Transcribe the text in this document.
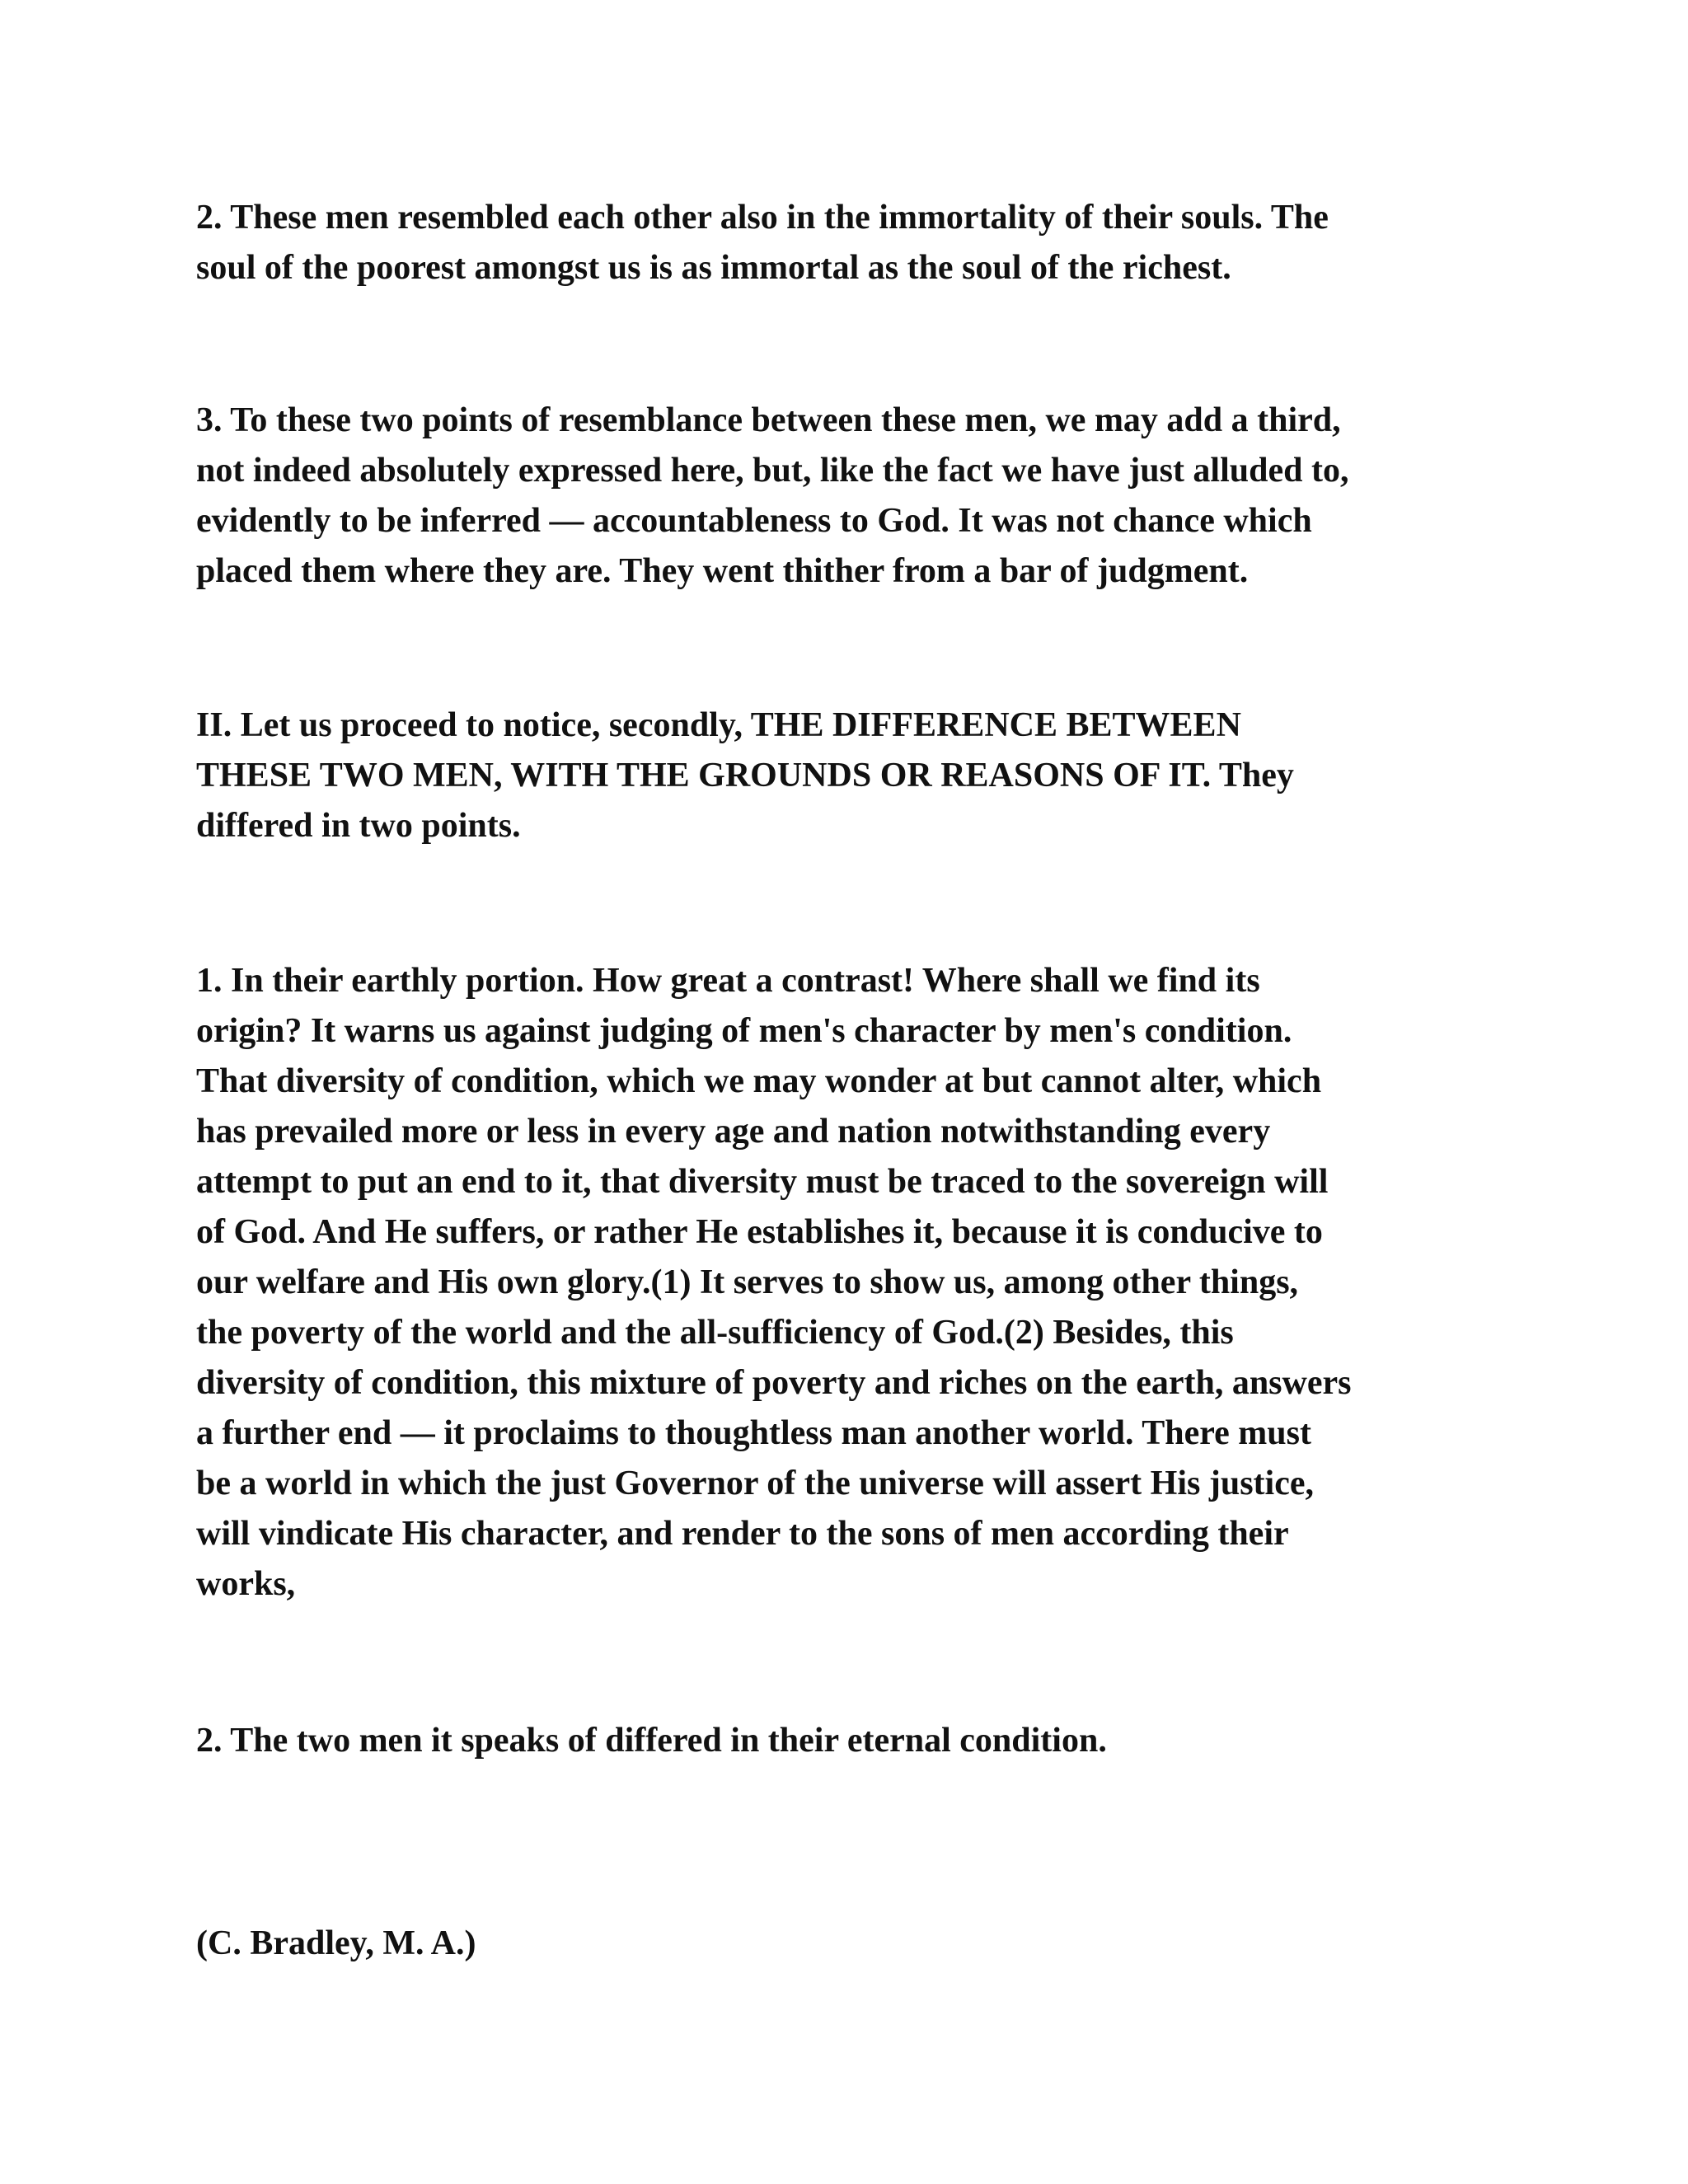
2. These men resembled each other also in the immortality of their souls. The
soul of the poorest amongst us is as immortal as the soul of the richest.

3. To these two points of resemblance between these men, we may add a third,
not indeed absolutely expressed here, but, like the fact we have just alluded to,
evidently to be inferred — accountableness to God. It was not chance which
placed them where they are. They went thither from a bar of judgment.

II. Let us proceed to notice, secondly, THE DIFFERENCE BETWEEN
THESE TWO MEN, WITH THE GROUNDS OR REASONS OF IT. They
differed in two points.

1. In their earthly portion. How great a contrast! Where shall we find its
origin? It warns us against judging of men's character by men's condition.
That diversity of condition, which we may wonder at but cannot alter, which
has prevailed more or less in every age and nation notwithstanding every
attempt to put an end to it, that diversity must be traced to the sovereign will
of God. And He suffers, or rather He establishes it, because it is conducive to
our welfare and His own glory.(1) It serves to show us, among other things,
the poverty of the world and the all-sufficiency of God.(2) Besides, this
diversity of condition, this mixture of poverty and riches on the earth, answers
a further end — it proclaims to thoughtless man another world. There must
be a world in which the just Governor of the universe will assert His justice,
will vindicate His character, and render to the sons of men according their
works,

2. The two men it speaks of differed in their eternal condition.

(C. Bradley, M. A.)
